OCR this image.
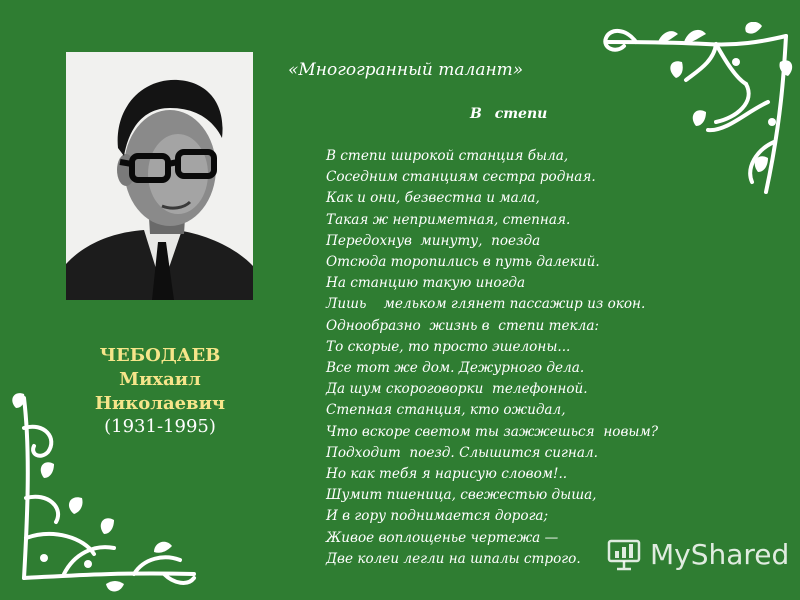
ЧЕБОДАЕВ
Михаил
Николаевич
(1931-1995)
«Многогранный талант»
В степи
В степи широкой станция была,
Соседним станциям сестра родная.
Как и они, безвестна и мала,
Такая ж неприметная, степная.
Передохнув  минуту,  поезда
Отсюда торопились в путь далекий.
На станцию такую иногда
Лишь    мельком глянет пассажир из окон.
Однообразно  жизнь в  степи текла:
То скорые, то просто эшелоны...
Все тот же дом. Дежурного дела.
Да шум скороговорки  телефонной.
Степная станция, кто ожидал,
Что вскоре светом ты зажжешься  новым?
Подходит  поезд. Слышится сигнал.
Но как тебя я нарисую словом!..
Шумит пшеница, свежестью дыша,
И в гору поднимается дорога;
Живое воплощенье чертежа —
Две колеи легли на шпалы строго.	MyShared
